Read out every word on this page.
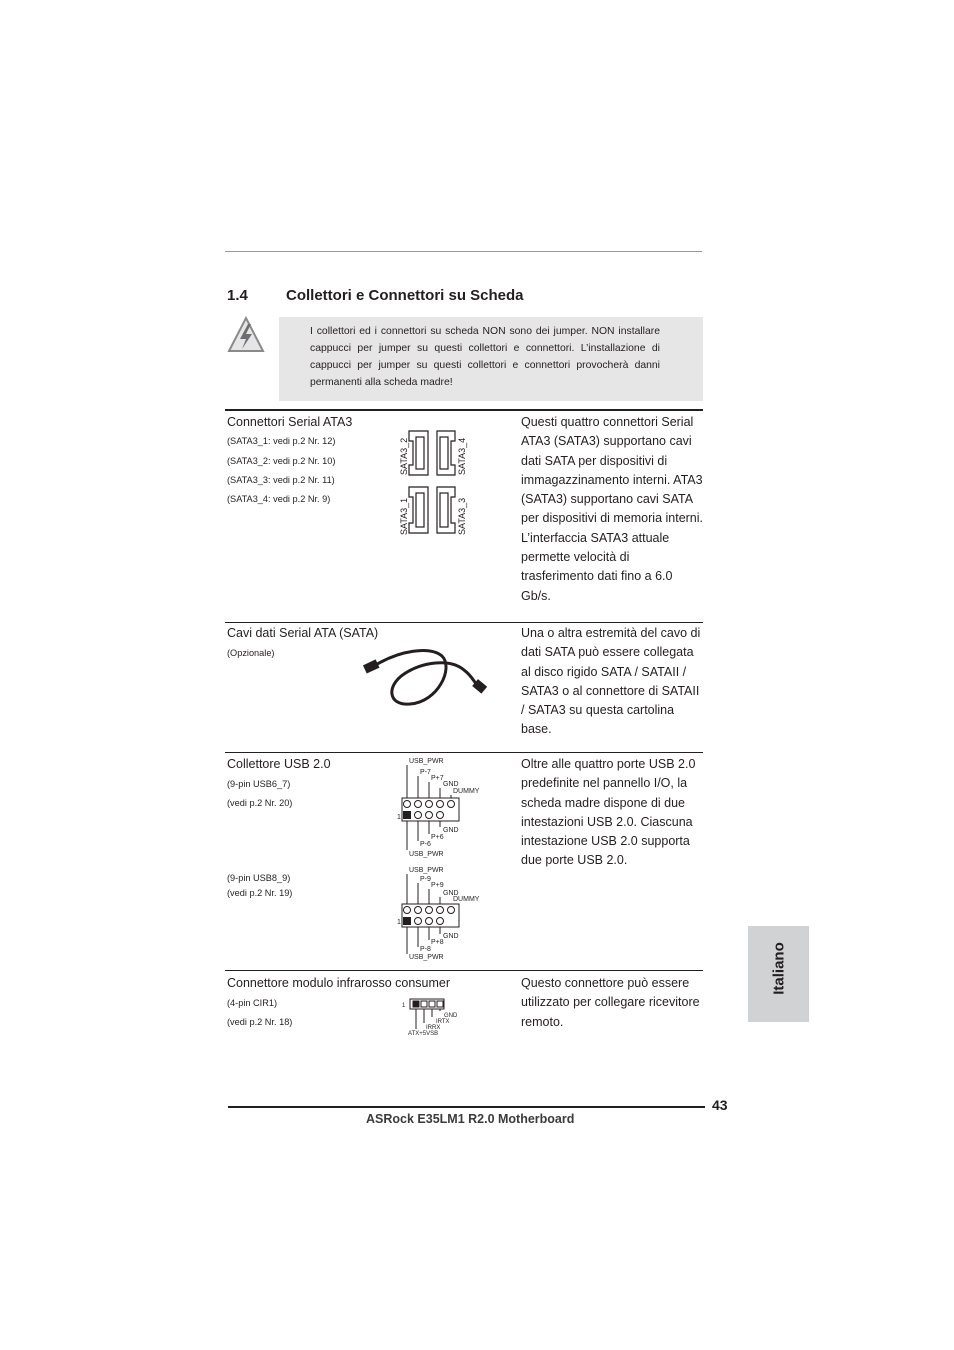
1.4	Collettori e Connettori su Scheda
I collettori ed i connettori su scheda NON sono dei jumper. NON installare cappucci per jumper su questi collettori e connettori. L’installazione di cappucci per jumper su questi collettori e connettori provocherà danni permanenti alla scheda madre!
Connettori Serial ATA3
(SATA3_1: vedi p.2 Nr. 12)
(SATA3_2: vedi p.2 Nr. 10)
(SATA3_3: vedi p.2 Nr. 11)
(SATA3_4: vedi p.2 Nr. 9)
SATA3_2	SATA3_4
SATA3_1	SATA3_3
Questi quattro connettori Serial ATA3 (SATA3) supportano cavi dati SATA per dispositivi di immagazzinamento interni. ATA3 (SATA3) supportano cavi SATA per dispositivi di memoria interni. L’interfaccia SATA3 attuale permette velocità di trasferimento dati fino a 6.0 Gb/s.
Cavi dati Serial ATA (SATA)
(Opzionale)
Una o altra estremità del cavo di dati SATA può essere collegata al disco rigido SATA / SATAII / SATA3 o al connettore di SATAII / SATA3 su questa cartolina base.
Collettore USB 2.0
(9-pin USB6_7)
(vedi p.2 Nr. 20)
(9-pin USB8_9)
(vedi p.2 Nr. 19)
USB_PWR
P-7
P+7
GND
DUMMY
GND
P+6
P-6
USB_PWR
1
USB_PWR
P-9
P+9
GND
DUMMY
GND
P+8
P-8
USB_PWR
1
Oltre alle quattro porte USB 2.0 predefinite nel pannello I/O, la scheda madre dispone di due intestazioni USB 2.0. Ciascuna intestazione USB 2.0 supporta due porte USB 2.0.
Connettore modulo infrarosso consumer
(4-pin CIR1)
(vedi p.2 Nr. 18)
1
GND
IRTX
IRRX
ATX+5VSB
Questo connettore può essere utilizzato per collegare ricevitore remoto.
Italiano
43
ASRock E35LM1 R2.0 Motherboard
